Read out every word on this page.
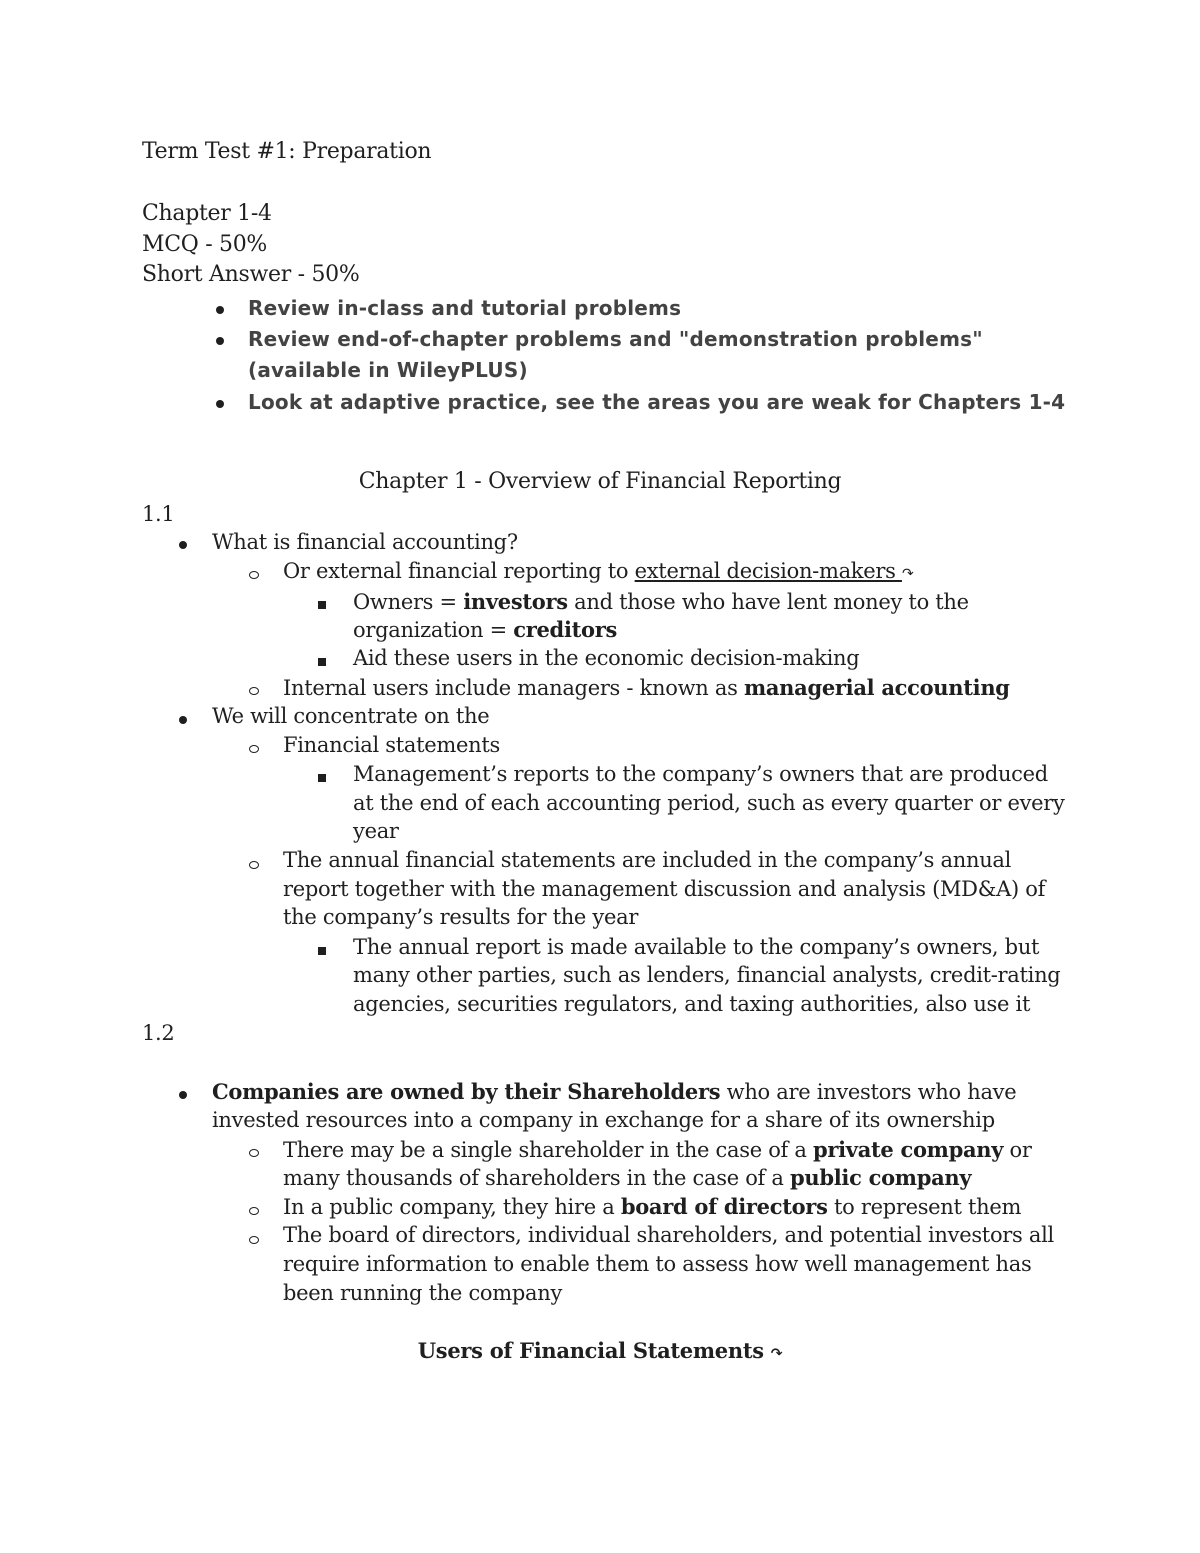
Term Test #1: Preparation
Chapter 1-4
MCQ - 50%
Short Answer - 50%
Review in-class and tutorial problems
Review end-of-chapter problems and "demonstration problems"
(available in WileyPLUS)
Look at adaptive practice, see the areas you are weak for Chapters 1-4
Chapter 1 - Overview of Financial Reporting
1.1
What is financial accounting?
Or external financial reporting to external decision-makers ↷
Owners = investors and those who have lent money to the
organization = creditors
Aid these users in the economic decision-making
Internal users include managers - known as managerial accounting
We will concentrate on the
Financial statements
Management’s reports to the company’s owners that are produced
at the end of each accounting period, such as every quarter or every
year
The annual financial statements are included in the company’s annual
report together with the management discussion and analysis (MD&A) of
the company’s results for the year
The annual report is made available to the company’s owners, but
many other parties, such as lenders, financial analysts, credit-rating
agencies, securities regulators, and taxing authorities, also use it
1.2
Companies are owned by their Shareholders who are investors who have
invested resources into a company in exchange for a share of its ownership
There may be a single shareholder in the case of a private company or
many thousands of shareholders in the case of a public company
In a public company, they hire a board of directors to represent them
The board of directors, individual shareholders, and potential investors all
require information to enable them to assess how well management has
been running the company
Users of Financial Statements ↷
